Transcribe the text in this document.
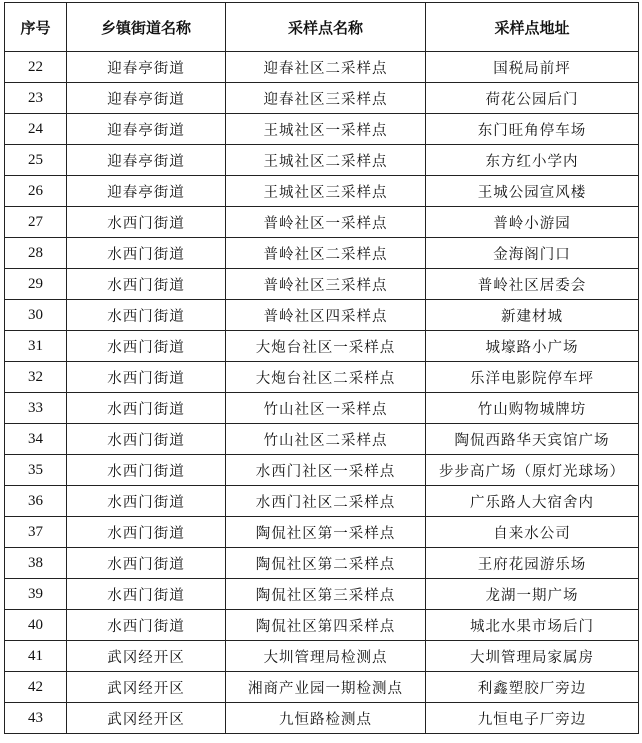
序号	乡镇街道名称	采样点名称	采样点地址
22	迎春亭街道	迎春社区二采样点	国税局前坪
23	迎春亭街道	迎春社区三采样点	荷花公园后门
24	迎春亭街道	王城社区一采样点	东门旺角停车场
25	迎春亭街道	王城社区二采样点	东方红小学内
26	迎春亭街道	王城社区三采样点	王城公园宣风楼
27	水西门街道	普岭社区一采样点	普岭小游园
28	水西门街道	普岭社区二采样点	金海阁门口
29	水西门街道	普岭社区三采样点	普岭社区居委会
30	水西门街道	普岭社区四采样点	新建材城
31	水西门街道	大炮台社区一采样点	城壕路小广场
32	水西门街道	大炮台社区二采样点	乐洋电影院停车坪
33	水西门街道	竹山社区一采样点	竹山购物城牌坊
34	水西门街道	竹山社区二采样点	陶侃西路华天宾馆广场
35	水西门街道	水西门社区一采样点	步步高广场（原灯光球场）
36	水西门街道	水西门社区二采样点	广乐路人大宿舍内
37	水西门街道	陶侃社区第一采样点	自来水公司
38	水西门街道	陶侃社区第二采样点	王府花园游乐场
39	水西门街道	陶侃社区第三采样点	龙湖一期广场
40	水西门街道	陶侃社区第四采样点	城北水果市场后门
41	武冈经开区	大圳管理局检测点	大圳管理局家属房
42	武冈经开区	湘商产业园一期检测点	利鑫塑胶厂旁边
43	武冈经开区	九恒路检测点	九恒电子厂旁边
